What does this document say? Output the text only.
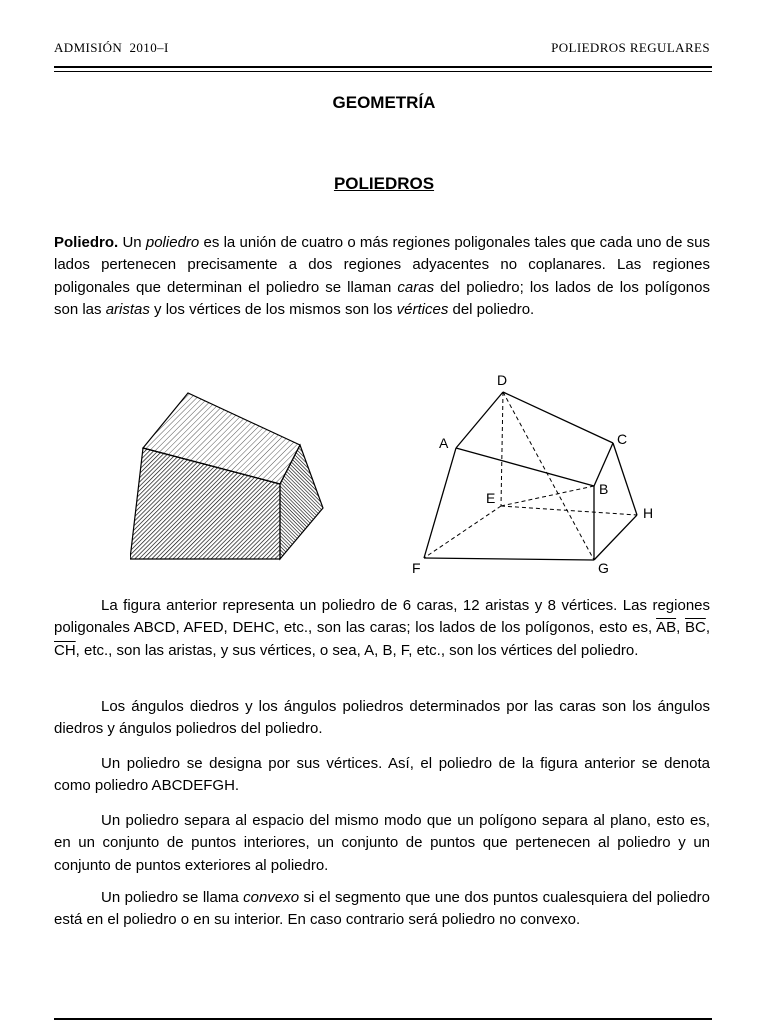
ADMISIÓN  2010–I	POLIEDROS REGULARES
GEOMETRÍA
POLIEDROS

Poliedro. Un poliedro es la unión de cuatro o más regiones poligonales tales que cada uno de sus lados pertenecen precisamente a dos regiones adyacentes no coplanares. Las regiones poligonales que determinan el poliedro se llaman caras del poliedro; los lados de los polígonos son las aristas y los vértices de los mismos son los vértices del poliedro.

D
A	C
B
E
H
F	G

La figura anterior representa un poliedro de 6 caras, 12 aristas y 8 vértices. Las regiones poligonales ABCD, AFED, DEHC, etc., son las caras; los lados de los polígonos, esto es, $\overline{AB}$, $\overline{BC}$, $\overline{CH}$, etc., son las aristas, y sus vértices, o sea, A, B, F, etc., son los vértices del poliedro.

Los ángulos diedros y los ángulos poliedros determinados por las caras son los ángulos diedros y ángulos poliedros del poliedro.

Un poliedro se designa por sus vértices. Así, el poliedro de la figura anterior se denota como poliedro ABCDEFGH.

Un poliedro separa al espacio del mismo modo que un polígono separa al plano, esto es, en un conjunto de puntos interiores, un conjunto de puntos que pertenecen al poliedro y un conjunto de puntos exteriores al poliedro.

Un poliedro se llama convexo si el segmento que une dos puntos cualesquiera del poliedro está en el poliedro o en su interior. En caso contrario será poliedro no convexo.
